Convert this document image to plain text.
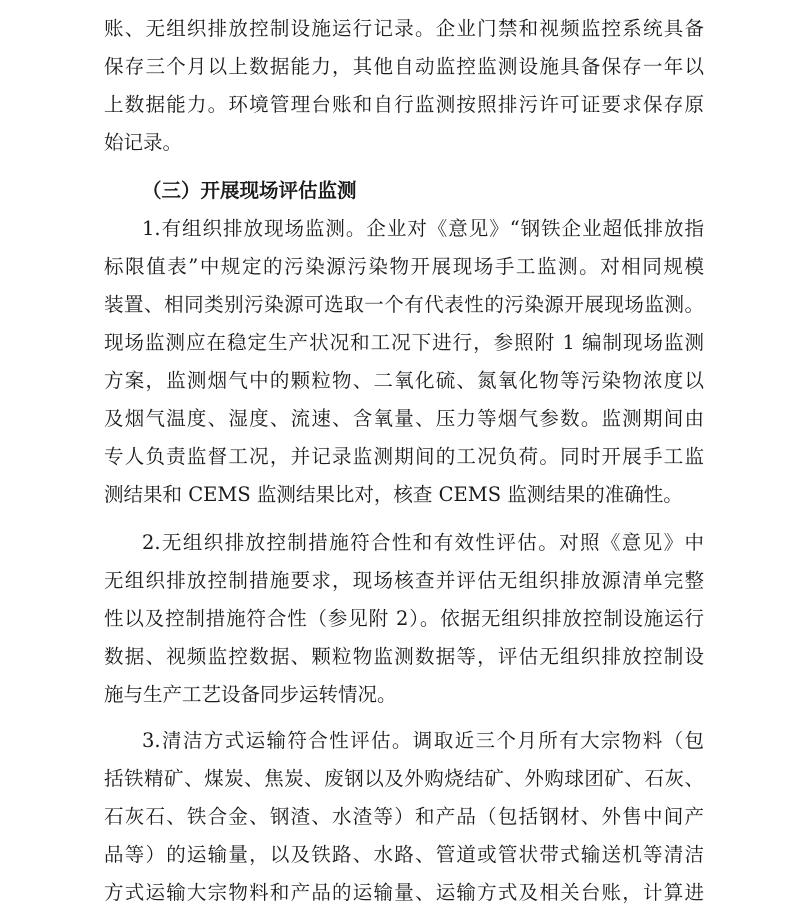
账、无组织排放控制设施运行记录。企业门禁和视频监控系统具备
保存三个月以上数据能力，其他自动监控监测设施具备保存一年以
上数据能力。环境管理台账和自行监测按照排污许可证要求保存原
始记录。
（三）开展现场评估监测
1.有组织排放现场监测。企业对《意见》“钢铁企业超低排放指
标限值表”中规定的污染源污染物开展现场手工监测。对相同规模
装置、相同类别污染源可选取一个有代表性的污染源开展现场监测。
现场监测应在稳定生产状况和工况下进行，参照附 1 编制现场监测
方案，监测烟气中的颗粒物、二氧化硫、氮氧化物等污染物浓度以
及烟气温度、湿度、流速、含氧量、压力等烟气参数。监测期间由
专人负责监督工况，并记录监测期间的工况负荷。同时开展手工监
测结果和 CEMS 监测结果比对，核查 CEMS 监测结果的准确性。
2.无组织排放控制措施符合性和有效性评估。对照《意见》中
无组织排放控制措施要求，现场核查并评估无组织排放源清单完整
性以及控制措施符合性（参见附 2）。依据无组织排放控制设施运行
数据、视频监控数据、颗粒物监测数据等，评估无组织排放控制设
施与生产工艺设备同步运转情况。
3.清洁方式运输符合性评估。调取近三个月所有大宗物料（包
括铁精矿、煤炭、焦炭、废钢以及外购烧结矿、外购球团矿、石灰、
石灰石、铁合金、钢渣、水渣等）和产品（包括钢材、外售中间产
品等）的运输量，以及铁路、水路、管道或管状带式输送机等清洁
方式运输大宗物料和产品的运输量、运输方式及相关台账，计算进
